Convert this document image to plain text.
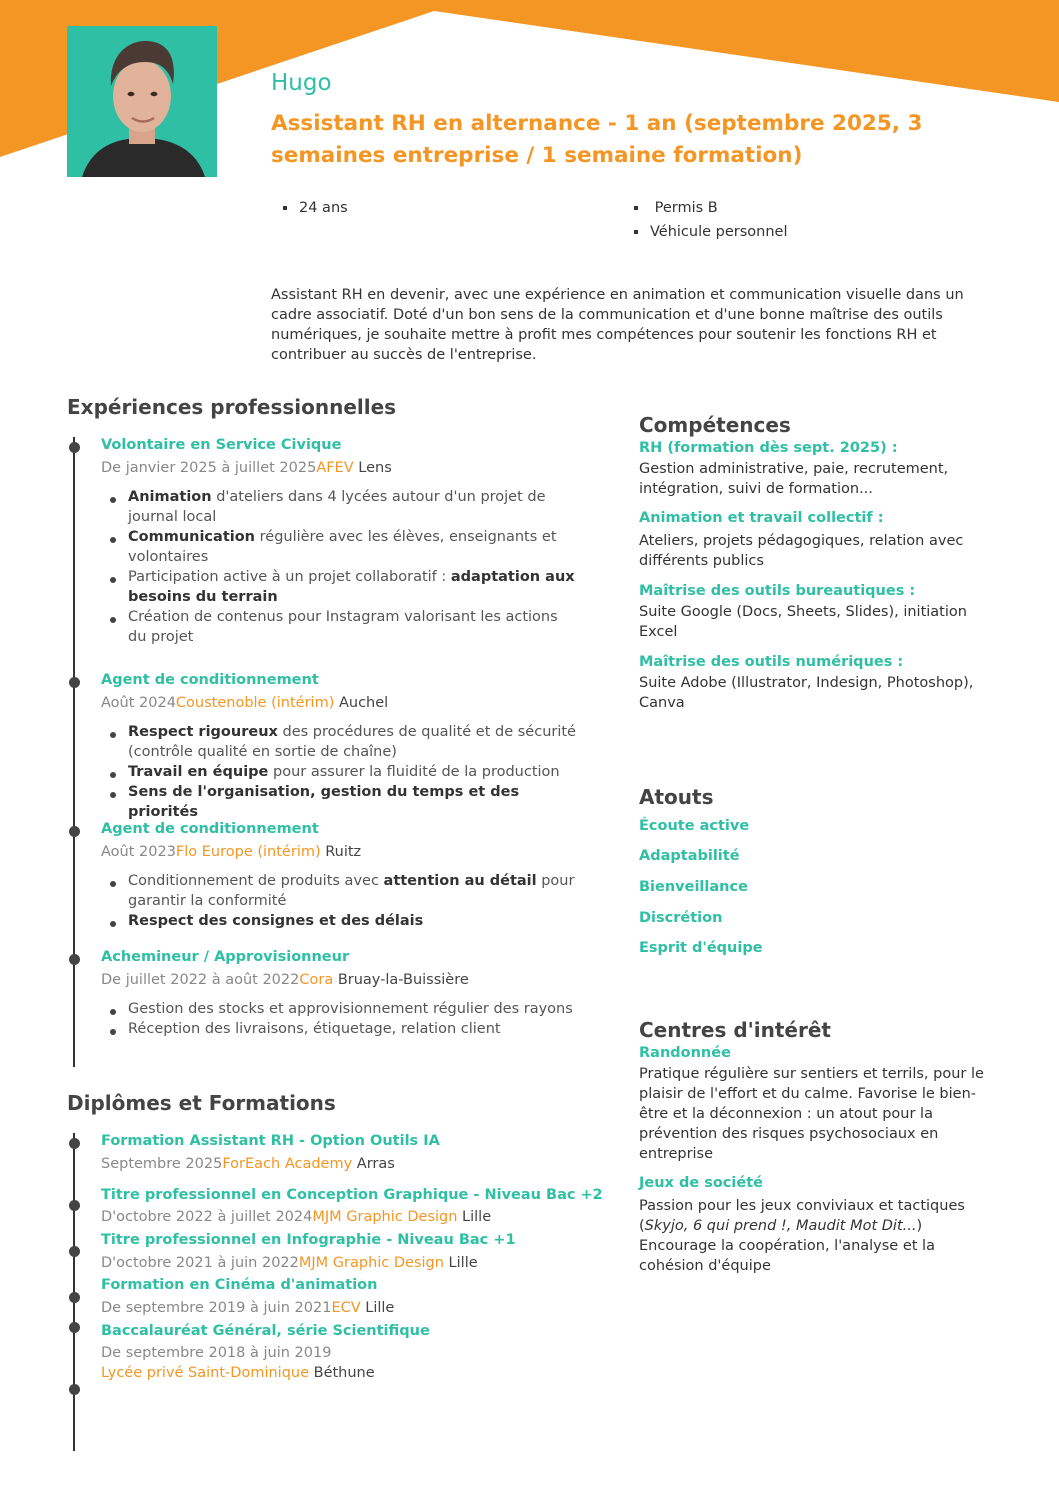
Hugo
Assistant RH en alternance - 1 an (septembre 2025, 3 semaines entreprise / 1 semaine formation)
24 ans	Permis B
Véhicule personnel
Assistant RH en devenir, avec une expérience en animation et communication visuelle dans un cadre associatif. Doté d'un bon sens de la communication et d'une bonne maîtrise des outils numériques, je souhaite mettre à profit mes compétences pour soutenir les fonctions RH et contribuer au succès de l'entreprise.
Expériences professionnelles
Volontaire en Service Civique
De janvier 2025 à juillet 2025AFEV Lens
Animation d'ateliers dans 4 lycées autour d'un projet de journal local
Communication régulière avec les élèves, enseignants et volontaires
Participation active à un projet collaboratif : adaptation aux besoins du terrain
Création de contenus pour Instagram valorisant les actions du projet
Agent de conditionnement
Août 2024Coustenoble (intérim) Auchel
Respect rigoureux des procédures de qualité et de sécurité (contrôle qualité en sortie de chaîne)
Travail en équipe pour assurer la fluidité de la production
Sens de l'organisation, gestion du temps et des priorités
Agent de conditionnement
Août 2023Flo Europe (intérim) Ruitz
Conditionnement de produits avec attention au détail pour garantir la conformité
Respect des consignes et des délais
Achemineur / Approvisionneur
De juillet 2022 à août 2022Cora Bruay-la-Buissière
Gestion des stocks et approvisionnement régulier des rayons
Réception des livraisons, étiquetage, relation client
Diplômes et Formations
Formation Assistant RH - Option Outils IA
Septembre 2025ForEach Academy Arras
Titre professionnel en Conception Graphique - Niveau Bac +2
D'octobre 2022 à juillet 2024MJM Graphic Design Lille
Titre professionnel en Infographie - Niveau Bac +1
D'octobre 2021 à juin 2022MJM Graphic Design Lille
Formation en Cinéma d'animation
De septembre 2019 à juin 2021ECV Lille
Baccalauréat Général, série Scientifique
De septembre 2018 à juin 2019
Lycée privé Saint-Dominique Béthune
Compétences
RH (formation dès sept. 2025) :
Gestion administrative, paie, recrutement, intégration, suivi de formation...
Animation et travail collectif :
Ateliers, projets pédagogiques, relation avec différents publics
Maîtrise des outils bureautiques :
Suite Google (Docs, Sheets, Slides), initiation Excel
Maîtrise des outils numériques :
Suite Adobe (Illustrator, Indesign, Photoshop), Canva
Atouts
Écoute active
Adaptabilité
Bienveillance
Discrétion
Esprit d'équipe
Centres d'intérêt
Randonnée
Pratique régulière sur sentiers et terrils, pour le plaisir de l'effort et du calme. Favorise le bien-être et la déconnexion : un atout pour la prévention des risques psychosociaux en entreprise
Jeux de société
Passion pour les jeux conviviaux et tactiques (Skyjo, 6 qui prend !, Maudit Mot Dit...) Encourage la coopération, l'analyse et la cohésion d'équipe
